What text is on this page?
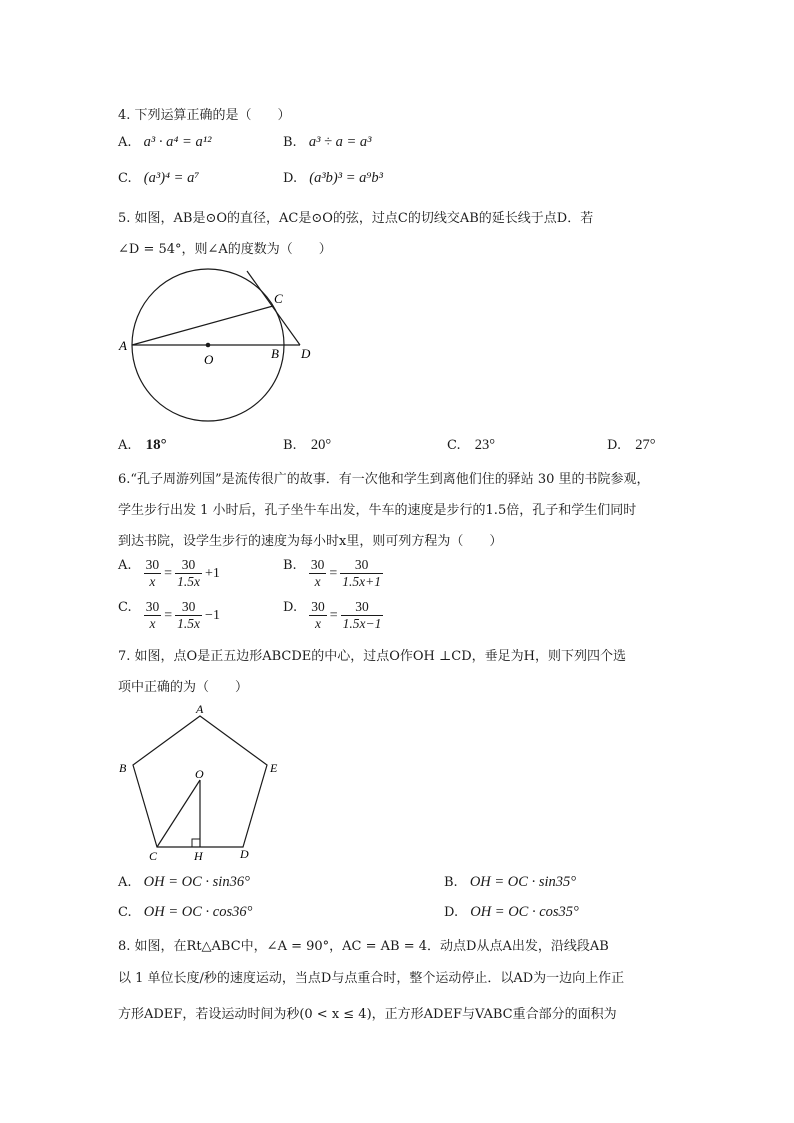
4. 下列运算正确的是（　　）
A. a³ · a⁴ = a¹²	B. a³ ÷ a = a³
C. (a³)⁴ = a⁷	D. (a³b)³ = a⁹b³
5. 如图，AB是⊙O的直径，AC是⊙O的弦，过点C的切线交AB的延长线于点D．若
∠D = 54°，则∠A的度数为（　　）
A
O	B
C
D
A. 18°	B. 20°	C. 23°	D. 27°
6.“孔子周游列国”是流传很广的故事．有一次他和学生到离他们住的驿站 30 里的书院参观，
学生步行出发 1 小时后，孔子坐牛车出发，牛车的速度是步行的1.5倍，孔子和学生们同时
到达书院，设学生步行的速度为每小时x里，则可列方程为（　　）
A. $\frac{30}{x} = \frac{30}{1.5x} +1$	B. $\frac{30}{x} = \frac{30}{1.5x+1}$
C. $\frac{30}{x} = \frac{30}{1.5x} -1$	D. $\frac{30}{x} = \frac{30}{1.5x-1}$
7. 如图，点O是正五边形ABCDE的中心，过点O作OH ⊥CD，垂足为H，则下列四个选
项中正确的为（　　）
A
B
C	D
E
O
H
A. OH = OC · sin36°	B. OH = OC · sin35°
C. OH = OC · cos36°	D. OH = OC · cos35°
8. 如图，在Rt△ABC中，∠A = 90°，AC = AB = 4．动点D从点A出发，沿线段AB
以 1 单位长度/秒的速度运动，当点D与点重合时，整个运动停止．以AD为一边向上作正
方形ADEF，若设运动时间为秒(0 < x ≤ 4)，正方形ADEF与VABC重合部分的面积为
